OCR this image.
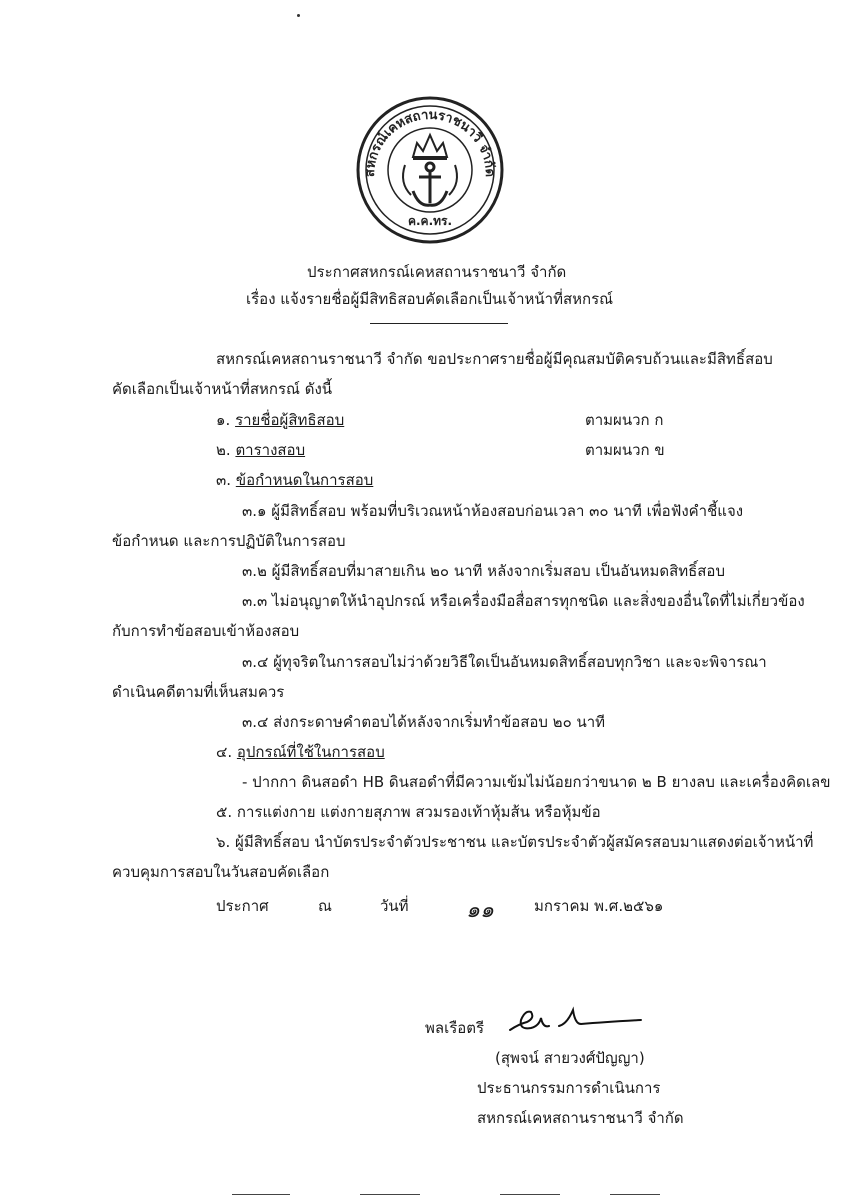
สหกรณ์เคหสถานราชนาวี จำกัด
ค.ค.ทร.
ประกาศสหกรณ์เคหสถานราชนาวี จำกัด
เรื่อง แจ้งรายชื่อผู้มีสิทธิสอบคัดเลือกเป็นเจ้าหน้าที่สหกรณ์
สหกรณ์เคหสถานราชนาวี จำกัด ขอประกาศรายชื่อผู้มีคุณสมบัติครบถ้วนและมีสิทธิ์สอบ
คัดเลือกเป็นเจ้าหน้าที่สหกรณ์ ดังนี้
๑. รายชื่อผู้สิทธิสอบ	ตามผนวก ก
๒. ตารางสอบ	ตามผนวก ข
๓. ข้อกำหนดในการสอบ
๓.๑ ผู้มีสิทธิ์สอบ พร้อมที่บริเวณหน้าห้องสอบก่อนเวลา ๓๐ นาที เพื่อฟังคำชี้แจง
ข้อกำหนด และการปฏิบัติในการสอบ
๓.๒ ผู้มีสิทธิ์สอบที่มาสายเกิน ๒๐ นาที หลังจากเริ่มสอบ เป็นอันหมดสิทธิ์สอบ
๓.๓ ไม่อนุญาตให้นำอุปกรณ์ หรือเครื่องมือสื่อสารทุกชนิด และสิ่งของอื่นใดที่ไม่เกี่ยวข้อง
กับการทำข้อสอบเข้าห้องสอบ
๓.๔ ผู้ทุจริตในการสอบไม่ว่าด้วยวิธีใดเป็นอันหมดสิทธิ์สอบทุกวิชา และจะพิจารณา
ดำเนินคดีตามที่เห็นสมควร
๓.๔ ส่งกระดาษคำตอบได้หลังจากเริ่มทำข้อสอบ ๒๐ นาที
๔. อุปกรณ์ที่ใช้ในการสอบ
- ปากกา ดินสอดำ HB ดินสอดำที่มีความเข้มไม่น้อยกว่าขนาด ๒ B ยางลบ และเครื่องคิดเลข
๕. การแต่งกาย แต่งกายสุภาพ สวมรองเท้าหุ้มส้น หรือหุ้มข้อ
๖. ผู้มีสิทธิ์สอบ นำบัตรประจำตัวประชาชน และบัตรประจำตัวผู้สมัครสอบมาแสดงต่อเจ้าหน้าที่
ควบคุมการสอบในวันสอบคัดเลือก
ประกาศ	ณ	วันที่	๑๑	มกราคม พ.ศ.๒๕๖๑
พลเรือตรี
(สุพจน์ สายวงศ์ปัญญา)
ประธานกรรมการดำเนินการ
สหกรณ์เคหสถานราชนาวี จำกัด
